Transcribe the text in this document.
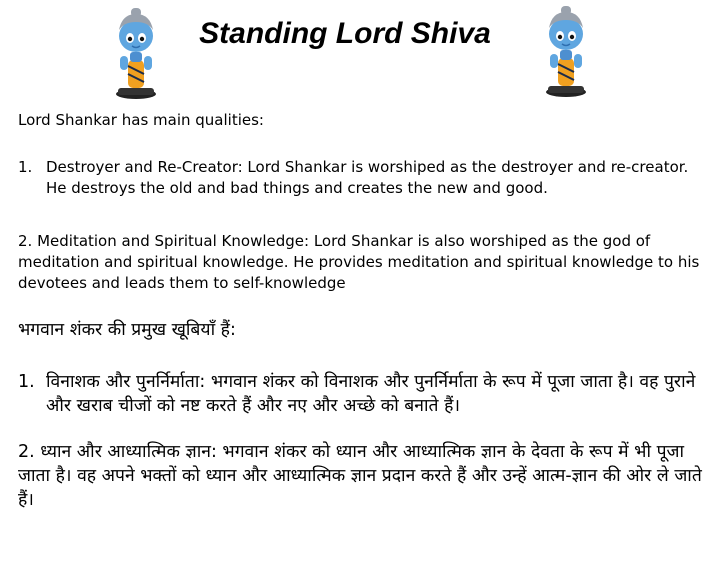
Standing Lord Shiva
Lord Shankar has main qualities:
1. Destroyer and Re-Creator: Lord Shankar is worshiped as the destroyer and re-creator. He destroys the old and bad things and creates the new and good.
2. Meditation and Spiritual Knowledge: Lord Shankar is also worshiped as the god of meditation and spiritual knowledge. He provides meditation and spiritual knowledge to his devotees and leads them to self-knowledge
भगवान शंकर की प्रमुख खूबियाँ हैं:
1. विनाशक और पुनर्निर्माता: भगवान शंकर को विनाशक और पुनर्निर्माता के रूप में पूजा जाता है। वह पुराने और खराब चीजों को नष्ट करते हैं और नए और अच्छे को बनाते हैं।
2. ध्यान और आध्यात्मिक ज्ञान: भगवान शंकर को ध्यान और आध्यात्मिक ज्ञान के देवता के रूप में भी पूजा जाता है। वह अपने भक्तों को ध्यान और आध्यात्मिक ज्ञान प्रदान करते हैं और उन्हें आत्म-ज्ञान की ओर ले जाते हैं।
